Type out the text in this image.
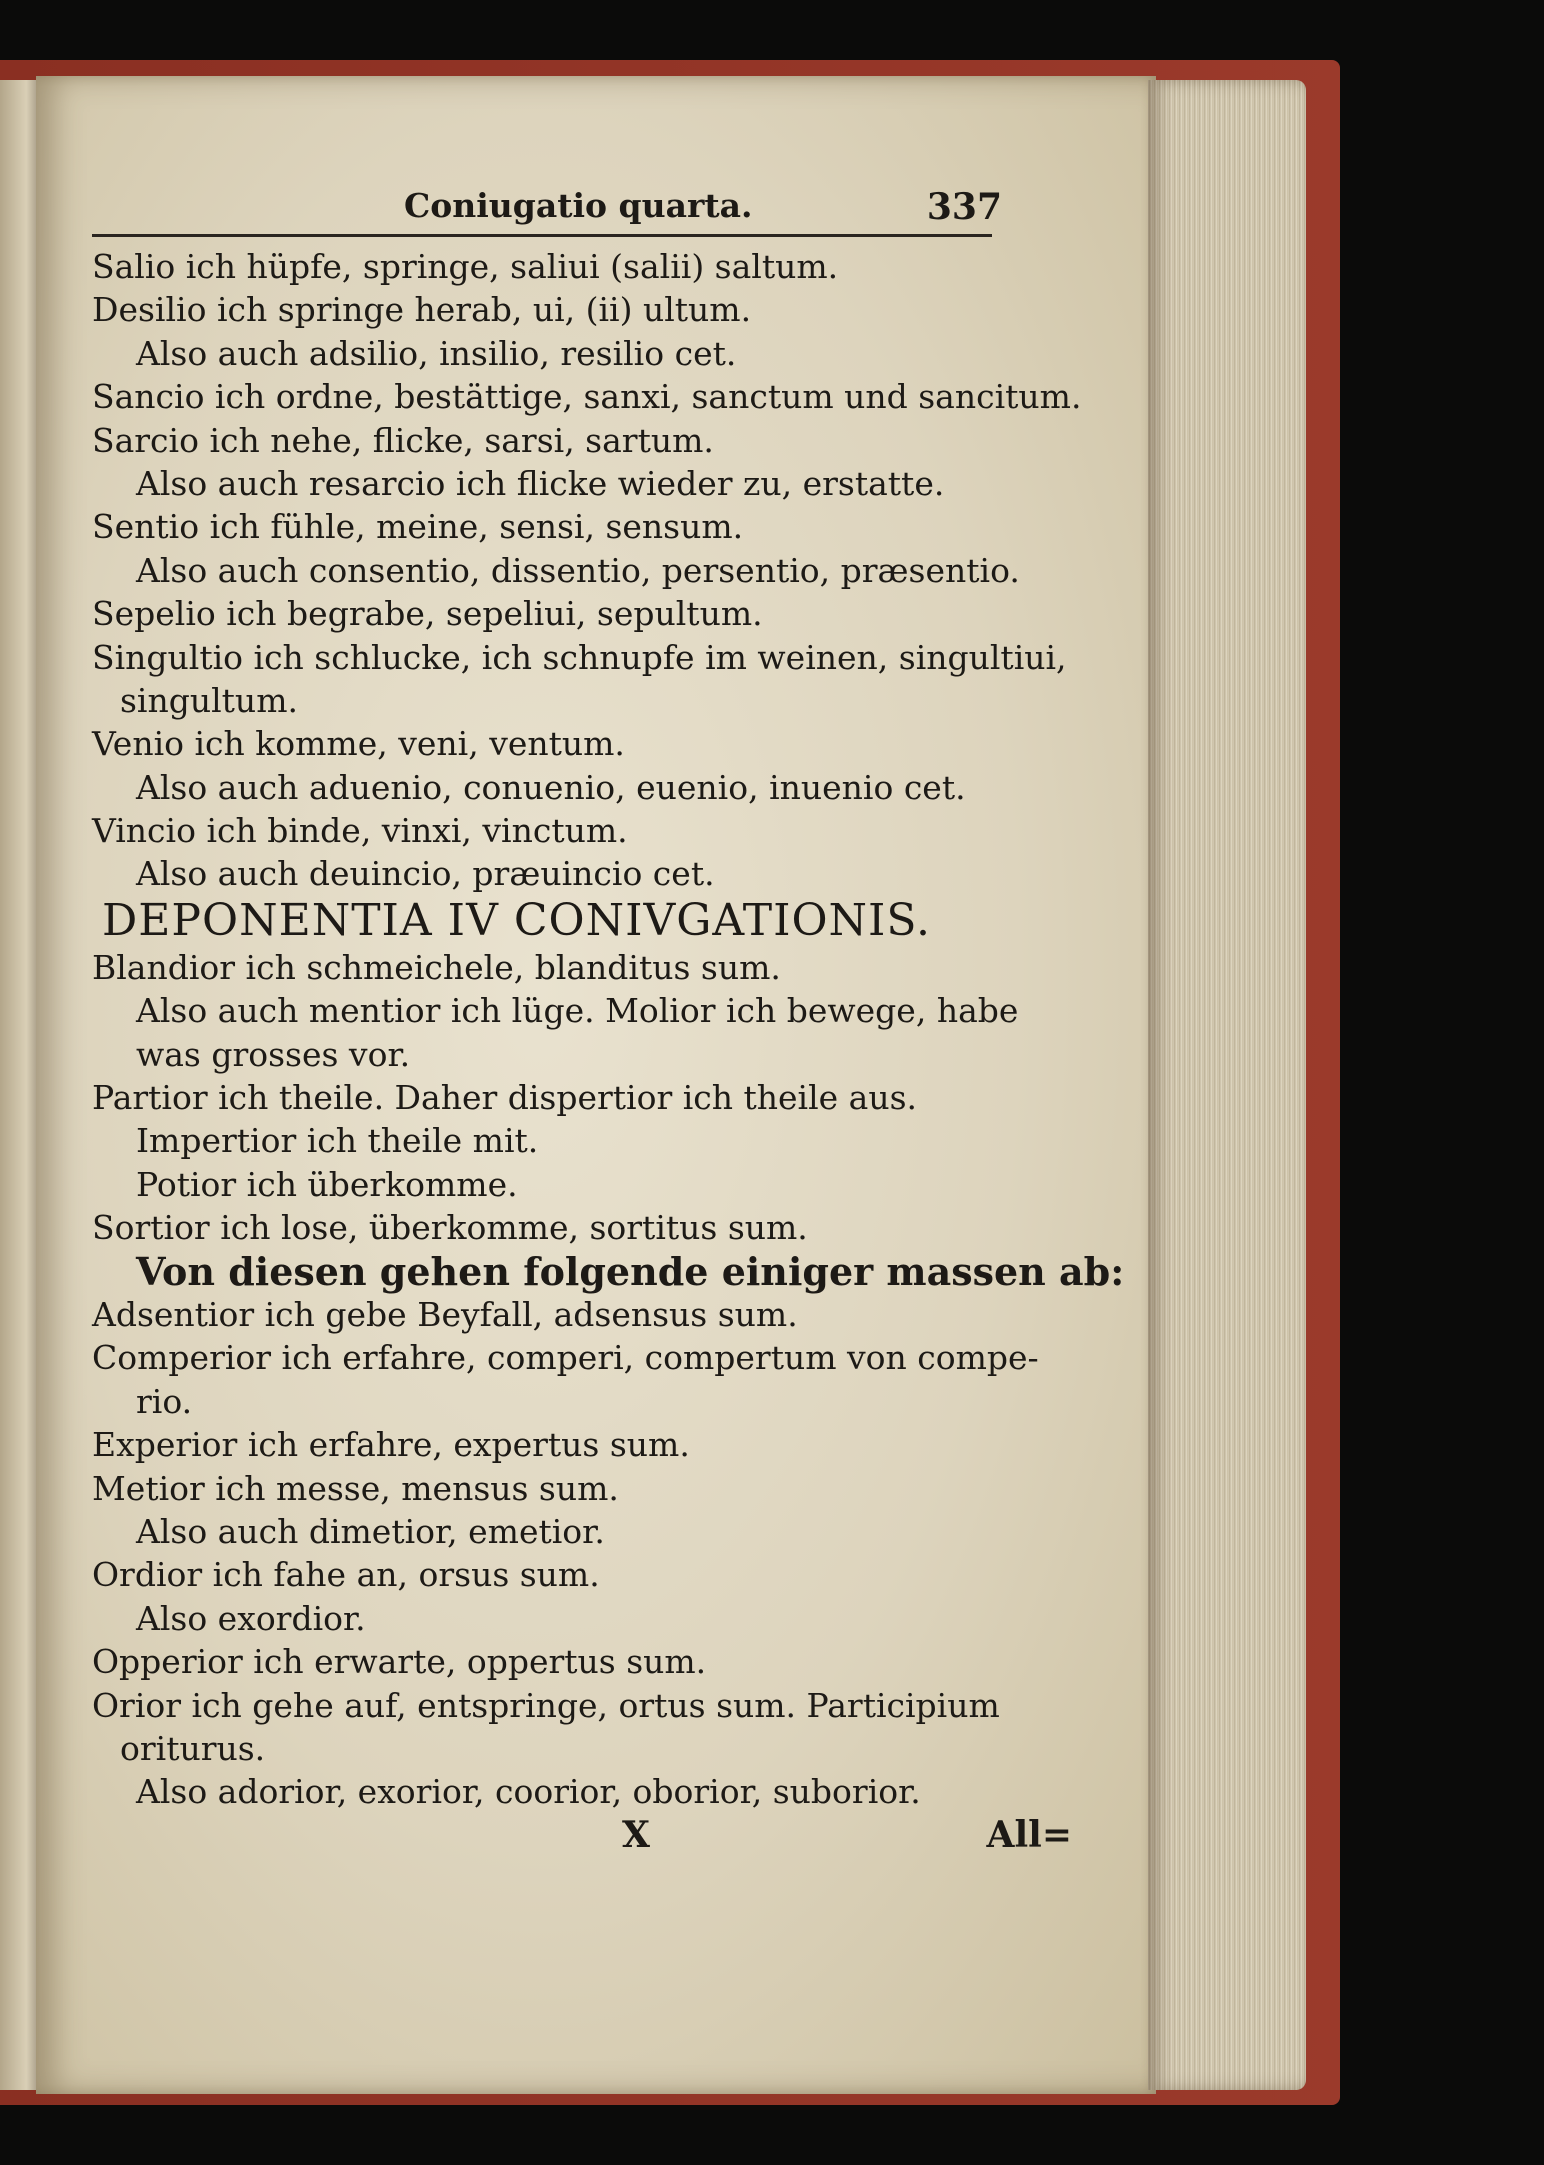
Coniugatio quarta.	337
Salio ich hüpfe, springe, saliui (salii) saltum.
Desilio ich springe herab, ui, (ii) ultum.
Also auch adsilio, insilio, resilio cet.
Sancio ich ordne, bestättige, sanxi, sanctum und sancitum.
Sarcio ich nehe, flicke, sarsi, sartum.
Also auch resarcio ich flicke wieder zu, erstatte.
Sentio ich fühle, meine, sensi, sensum.
Also auch consentio, dissentio, persentio, præsentio.
Sepelio ich begrabe, sepeliui, sepultum.
Singultio ich schlucke, ich schnupfe im weinen, singultiui,
singultum.
Venio ich komme, veni, ventum.
Also auch aduenio, conuenio, euenio, inuenio cet.
Vincio ich binde, vinxi, vinctum.
Also auch deuincio, præuincio cet.
DEPONENTIA IV CONIVGATIONIS.
Blandior ich schmeichele, blanditus sum.
Also auch mentior ich lüge. Molior ich bewege, habe
was grosses vor.
Partior ich theile. Daher dispertior ich theile aus.
Impertior ich theile mit.
Potior ich überkomme.
Sortior ich lose, überkomme, sortitus sum.
Von diesen gehen folgende einiger massen ab:
Adsentior ich gebe Beyfall, adsensus sum.
Comperior ich erfahre, comperi, compertum von compe-
rio.
Experior ich erfahre, expertus sum.
Metior ich messe, mensus sum.
Also auch dimetior, emetior.
Ordior ich fahe an, orsus sum.
Also exordior.
Opperior ich erwarte, oppertus sum.
Orior ich gehe auf, entspringe, ortus sum. Participium
oriturus.
Also adorior, exorior, coorior, oborior, suborior.
X	All=
